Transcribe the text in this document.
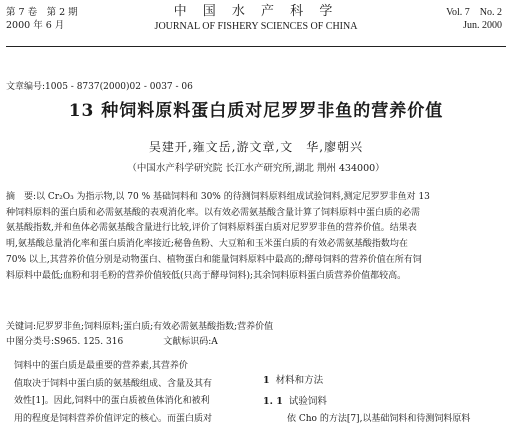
第 7 卷　第 2 期
2000 年 6 月
中 国 水 产 科 学
JOURNAL OF FISHERY SCIENCES OF CHINA
Vol. 7　No. 2
Jun. 2000
文章编号:1005 - 8737(2000)02 - 0037 - 06
13 种饲料原料蛋白质对尼罗罗非鱼的营养价值
吴建开,雍文岳,游文章,文　华,廖朝兴
（中国水产科学研究院 长江水产研究所,湖北 荆州 434000）
摘　要:以 Cr₂O₃ 为指示物,以 70 % 基础饲料和 30% 的待测饲料原料组成试验饲料,测定尼罗罗非鱼对 13
种饲料原料的蛋白质和必需氨基酸的表观消化率。以有效必需氨基酸含量计算了饲料原料中蛋白质的必需
氨基酸指数,并和鱼体必需氨基酸含量进行比较,评价了饲料原料蛋白质对尼罗罗非鱼的营养价值。结果表
明,氨基酸总量消化率和蛋白质消化率接近;秘鲁鱼粉、大豆粕和玉米蛋白质的有效必需氨基酸指数均在
70% 以上,其营养价值分别是动物蛋白、植物蛋白和能量饲料原料中最高的;酵母饲料的营养价值在所有饲
料原料中最低;血粉和羽毛粉的营养价值较低(只高于酵母饲料);其余饲料原料蛋白质营养价值都较高。
关键词:尼罗罗非鱼;饲料原料;蛋白质;有效必需氨基酸指数;营养价值
中图分类号:S965. 125. 316	文献标识码:A
饲料中的蛋白质是最重要的营养素,其营养价
值取决于饲料中蛋白质的氨基酸组成、含量及其有
效性[1]。因此,饲料中的蛋白质被鱼体消化和被利
用的程度是饲料营养价值评定的核心。而蛋白质对
1 材料和方法
1. 1 试验饲料
依 Cho 的方法[7],以基础饲料和待测饲料原料
